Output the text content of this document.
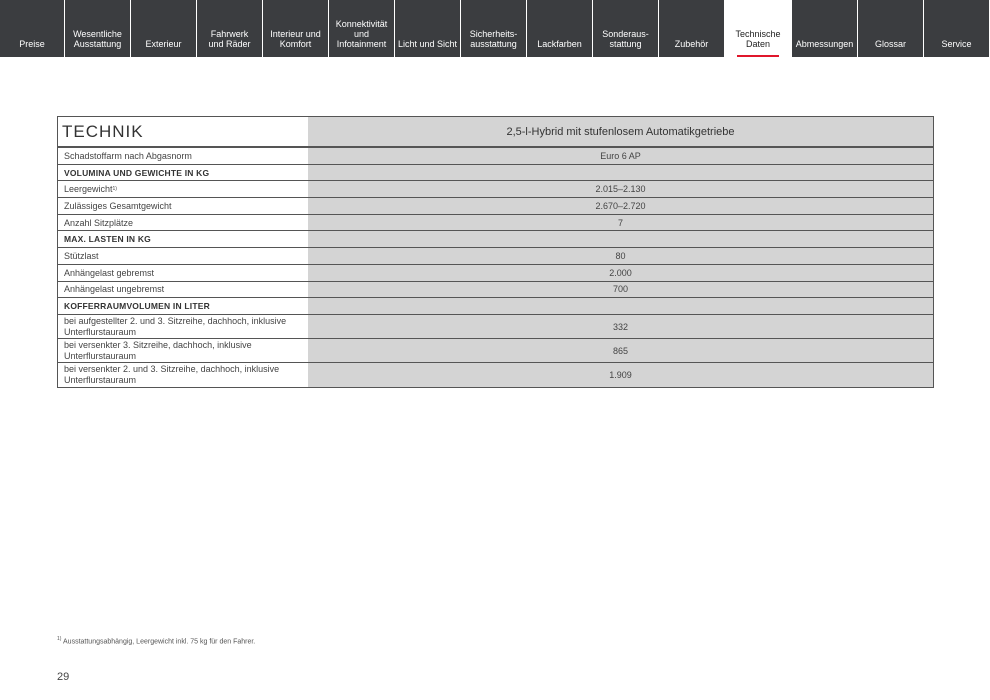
Preise
Wesentliche
Ausstattung	Exterieur
Fahrwerk
und Räder
Interieur und
Komfort
Konnektivität
und
Infotainment Licht und Sicht
Sicherheits-
ausstattung Lackfarben
Sonderaus-
stattung	Zubehör
Technische
Daten	Abmessungen Glossar	Service
TECHNIK	2,5-l-Hybrid mit stufenlosem Automatikgetriebe
Schadstoffarm nach Abgasnorm	Euro 6 AP
VOLUMINA UND GEWICHTE IN KG
Leergewicht 1)	2.015–2.130
Zulässiges Gesamtgewicht	2.670–2.720
Anzahl Sitzplätze	7
MAX. LASTEN IN KG
Stützlast	80
Anhängelast gebremst	2.000
Anhängelast ungebremst	700
KOFFERRAUMVOLUMEN IN LITER
bei aufgestellter 2. und 3. Sitzreihe, dachhoch, inklusive Unterflurstauraum	332
bei versenkter 3. Sitzreihe, dachhoch, inklusive Unterflurstauraum	865
bei versenkter 2. und 3. Sitzreihe, dachhoch, inklusive Unterflurstauraum	1.909
$^{1)}$ Ausstattungsabhängig, Leergewicht inkl. 75 kg für den Fahrer.
29
